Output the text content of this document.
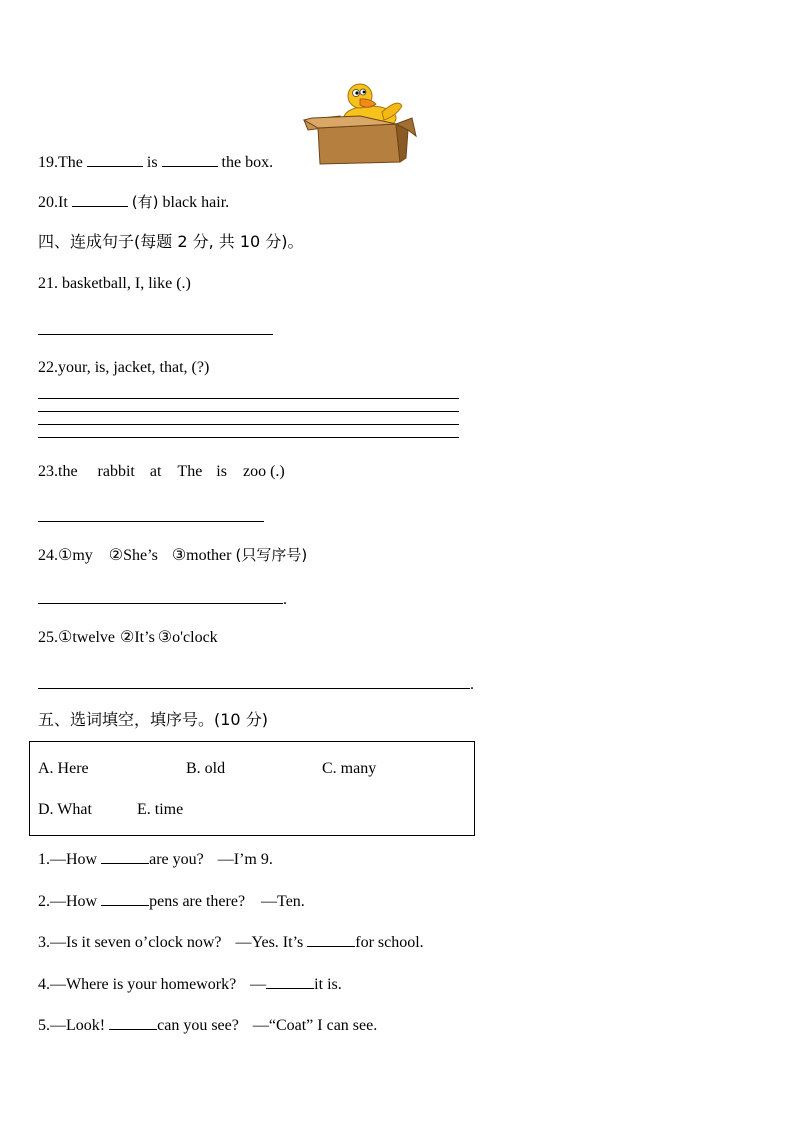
19.The	is	the box.
20.It	(有) black hair.
四、连成句子(每题 2 分, 共 10 分)。
21. basketball, I, like (.)
22.your, is, jacket, that, (?)
23.the rabbit at The is zoo (.)
24.①my ②She’s ③mother (只写序号)
.
25.①twelve ②It’s ③o'clock
.
五、选词填空，填序号。(10 分)
A. Here	B. old	C. many
D. What	E. time
1.—How	are you? —I’m 9.
2.—How	pens are there? —Ten.
3.—Is it seven o’clock now? —Yes. It’s	for school.
4.—Where is your homework? —	it is.
5.—Look!	can you see? —“Coat” I can see.
